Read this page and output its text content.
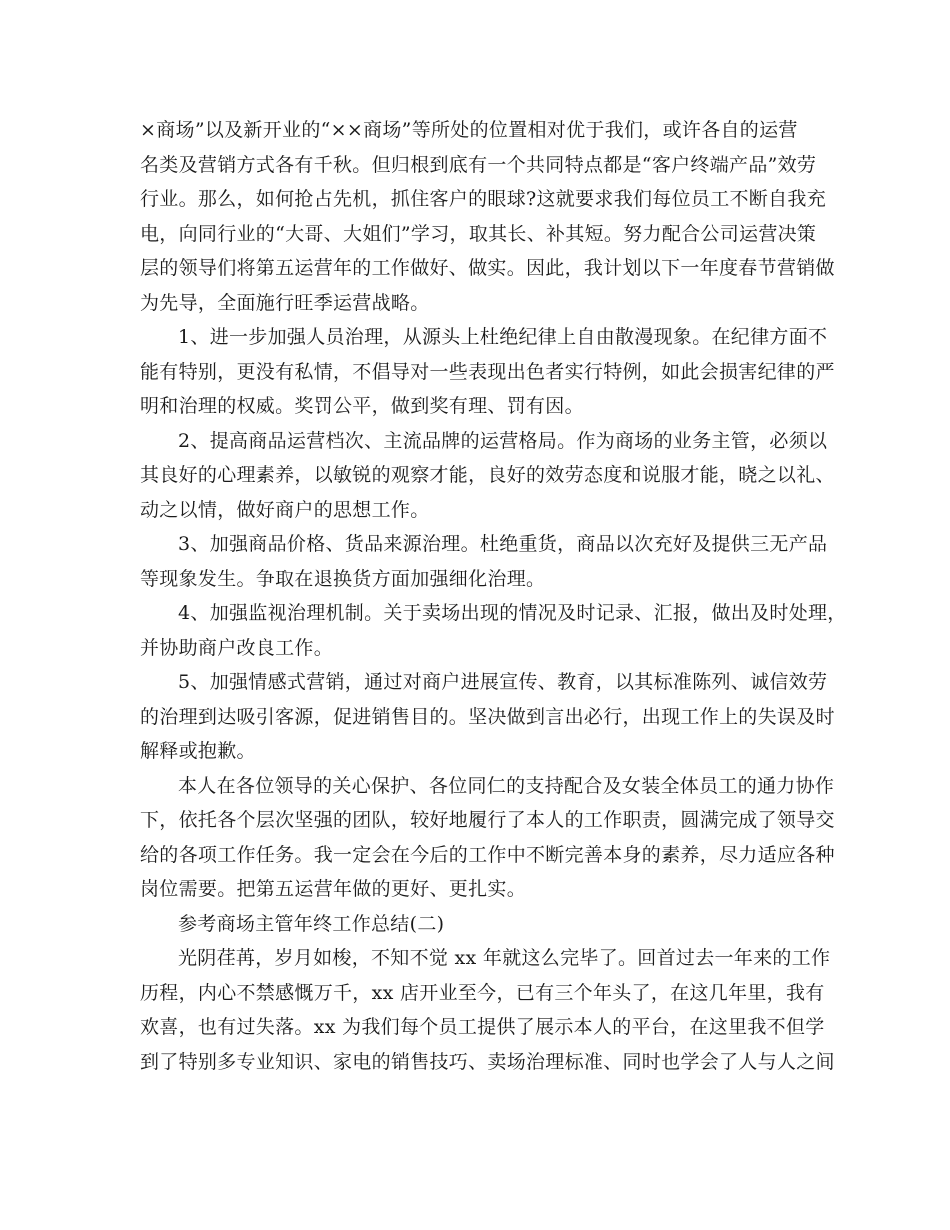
×商场”以及新开业的“××商场”等所处的位置相对优于我们，或许各自的运营
名类及营销方式各有千秋。但归根到底有一个共同特点都是“客户终端产品”效劳
行业。那么，如何抢占先机，抓住客户的眼球?这就要求我们每位员工不断自我充
电，向同行业的“大哥、大姐们”学习，取其长、补其短。努力配合公司运营决策
层的领导们将第五运营年的工作做好、做实。因此，我计划以下一年度春节营销做
为先导，全面施行旺季运营战略。
1、进一步加强人员治理，从源头上杜绝纪律上自由散漫现象。在纪律方面不
能有特别，更没有私情，不倡导对一些表现出色者实行特例，如此会损害纪律的严
明和治理的权威。奖罚公平，做到奖有理、罚有因。
2、提高商品运营档次、主流品牌的运营格局。作为商场的业务主管，必须以
其良好的心理素养，以敏锐的观察才能，良好的效劳态度和说服才能，晓之以礼、
动之以情，做好商户的思想工作。
3、加强商品价格、货品来源治理。杜绝重货，商品以次充好及提供三无产品
等现象发生。争取在退换货方面加强细化治理。
4、加强监视治理机制。关于卖场出现的情况及时记录、汇报，做出及时处理，
并协助商户改良工作。
5、加强情感式营销，通过对商户进展宣传、教育，以其标准陈列、诚信效劳
的治理到达吸引客源，促进销售目的。坚决做到言出必行，出现工作上的失误及时
解释或抱歉。
本人在各位领导的关心保护、各位同仁的支持配合及女装全体员工的通力协作
下，依托各个层次坚强的团队，较好地履行了本人的工作职责，圆满完成了领导交
给的各项工作任务。我一定会在今后的工作中不断完善本身的素养，尽力适应各种
岗位需要。把第五运营年做的更好、更扎实。
参考商场主管年终工作总结(二)
光阴荏苒，岁月如梭，不知不觉 xx 年就这么完毕了。回首过去一年来的工作
历程，内心不禁感慨万千，xx 店开业至今，已有三个年头了，在这几年里，我有
欢喜，也有过失落。xx 为我们每个员工提供了展示本人的平台，在这里我不但学
到了特别多专业知识、家电的销售技巧、卖场治理标准、同时也学会了人与人之间
